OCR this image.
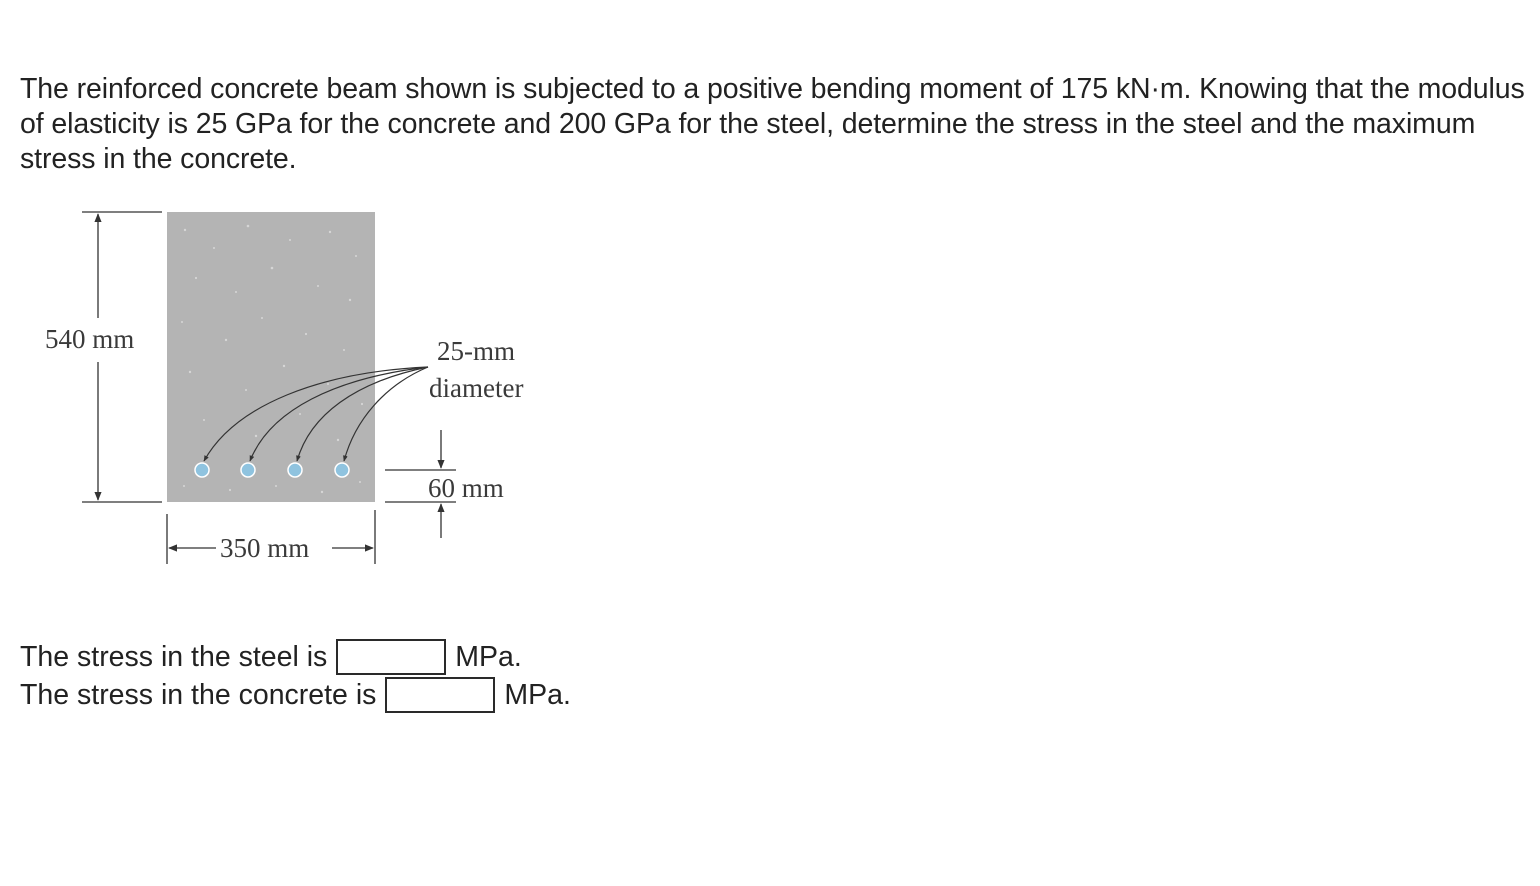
The reinforced concrete beam shown is subjected to a positive bending moment of 175 kN·m. Knowing that the modulus of elasticity is 25 GPa for the concrete and 200 GPa for the steel, determine the stress in the steel and the maximum stress in the concrete.

540 mm
350 mm
25-mm
diameter
60 mm
The stress in the steel is	MPa.
The stress in the concrete is	MPa.
